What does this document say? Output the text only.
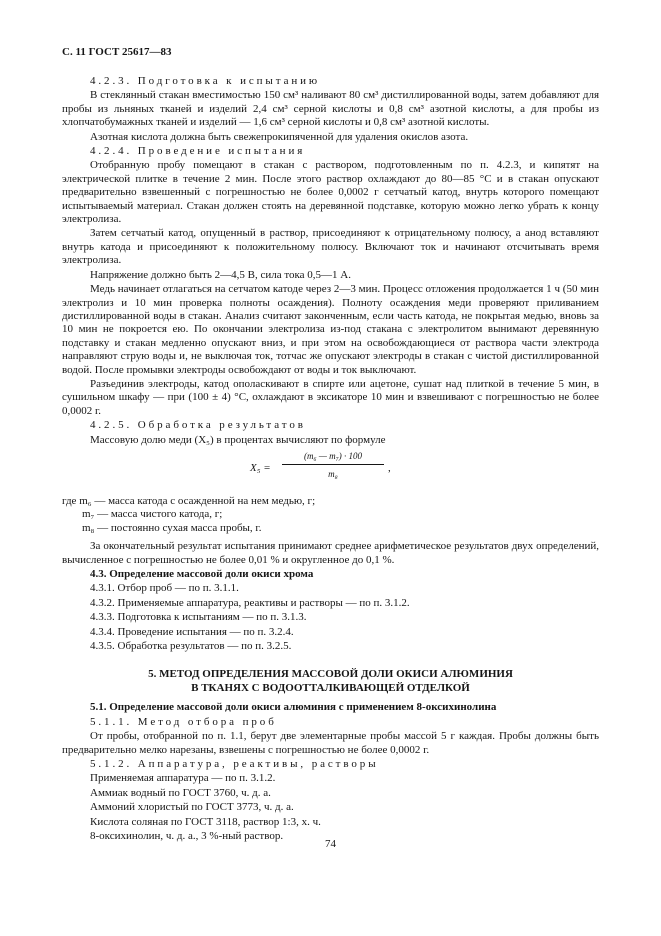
С. 11 ГОСТ 25617—83

4.2.3. Подготовка к испытанию

В стеклянный стакан вместимостью 150 см³ наливают 80 см³ дистиллированной воды, затем добавляют для пробы из льняных тканей и изделий 2,4 см³ серной кислоты и 0,8 см³ азотной кислоты, а для пробы из хлопчатобумажных тканей и изделий — 1,6 см³ серной кислоты и 0,8 см³ азотной кислоты.

Азотная кислота должна быть свежепрокипяченной для удаления окислов азота.

4.2.4. Проведение испытания

Отобранную пробу помещают в стакан с раствором, подготовленным по п. 4.2.3, и кипятят на электрической плитке в течение 2 мин. После этого раствор охлаждают до 80—85 °С и в стакан опускают предварительно взвешенный с погрешностью не более 0,0002 г сетчатый катод, внутрь которого помещают испытываемый материал. Стакан должен стоять на деревянной подставке, которую можно легко убрать к концу электролиза.

Затем сетчатый катод, опущенный в раствор, присоединяют к отрицательному полюсу, а анод вставляют внутрь катода и присоединяют к положительному полюсу. Включают ток и начинают отсчитывать время электролиза.

Напряжение должно быть 2—4,5 В, сила тока 0,5—1 А.

Медь начинает отлагаться на сетчатом катоде через 2—3 мин. Процесс отложения продолжается 1 ч (50 мин электролиз и 10 мин проверка полноты осаждения). Полноту осаждения меди проверяют приливанием дистиллированной воды в стакан. Анализ считают законченным, если часть катода, не покрытая медью, вновь за 10 мин не покроется ею. По окончании электролиза из-под стакана с электролитом вынимают деревянную подставку и стакан медленно опускают вниз, и при этом на освобождающиеся от раствора части электрода направляют струю воды и, не выключая ток, тотчас же опускают электроды в стакан с чистой дистиллированной водой. После промывки электроды освобождают от воды и ток выключают.

Разъединив электроды, катод ополаскивают в спирте или ацетоне, сушат над плиткой в течение 5 мин, в сушильном шкафу — при (100 ± 4) °С, охлаждают в эксикаторе 10 мин и взвешивают с погрешностью не более 0,0002 г.

4.2.5. Обработка результатов

Массовую долю меди (X₅) в процентах вычисляют по формуле

X₅ =
(m₆ — m₇) · 100
m₈	,

где m₆ — масса катода с осажденной на нем медью, г;

m₇ — масса чистого катода, г;

m₈ — постоянно сухая масса пробы, г.

За окончательный результат испытания принимают среднее арифметическое результатов двух определений, вычисленное с погрешностью не более 0,01 % и округленное до 0,1 %.

4.3. Определение массовой доли окиси хрома

4.3.1. Отбор проб — по п. 3.1.1.

4.3.2. Применяемые аппаратура, реактивы и растворы — по п. 3.1.2.

4.3.3. Подготовка к испытаниям — по п. 3.1.3.

4.3.4. Проведение испытания — по п. 3.2.4.

4.3.5. Обработка результатов — по п. 3.2.5.

5. МЕТОД ОПРЕДЕЛЕНИЯ МАССОВОЙ ДОЛИ ОКИСИ АЛЮМИНИЯ
В ТКАНЯХ С ВОДООТТАЛКИВАЮЩЕЙ ОТДЕЛКОЙ

5.1. Определение массовой доли окиси алюминия с применением 8-оксихинолина

5.1.1. Метод отбора проб

От пробы, отобранной по п. 1.1, берут две элементарные пробы массой 5 г каждая. Пробы должны быть предварительно мелко нарезаны, взвешены с погрешностью не более 0,0002 г.

5.1.2. Аппаратура, реактивы, растворы

Применяемая аппаратура — по п. 3.1.2.

Аммиак водный по ГОСТ 3760, ч. д. а.

Аммоний хлористый по ГОСТ 3773, ч. д. а.

Кислота соляная по ГОСТ 3118, раствор 1:3, х. ч.

8-оксихинолин, ч. д. а., 3 %-ный раствор.

74
